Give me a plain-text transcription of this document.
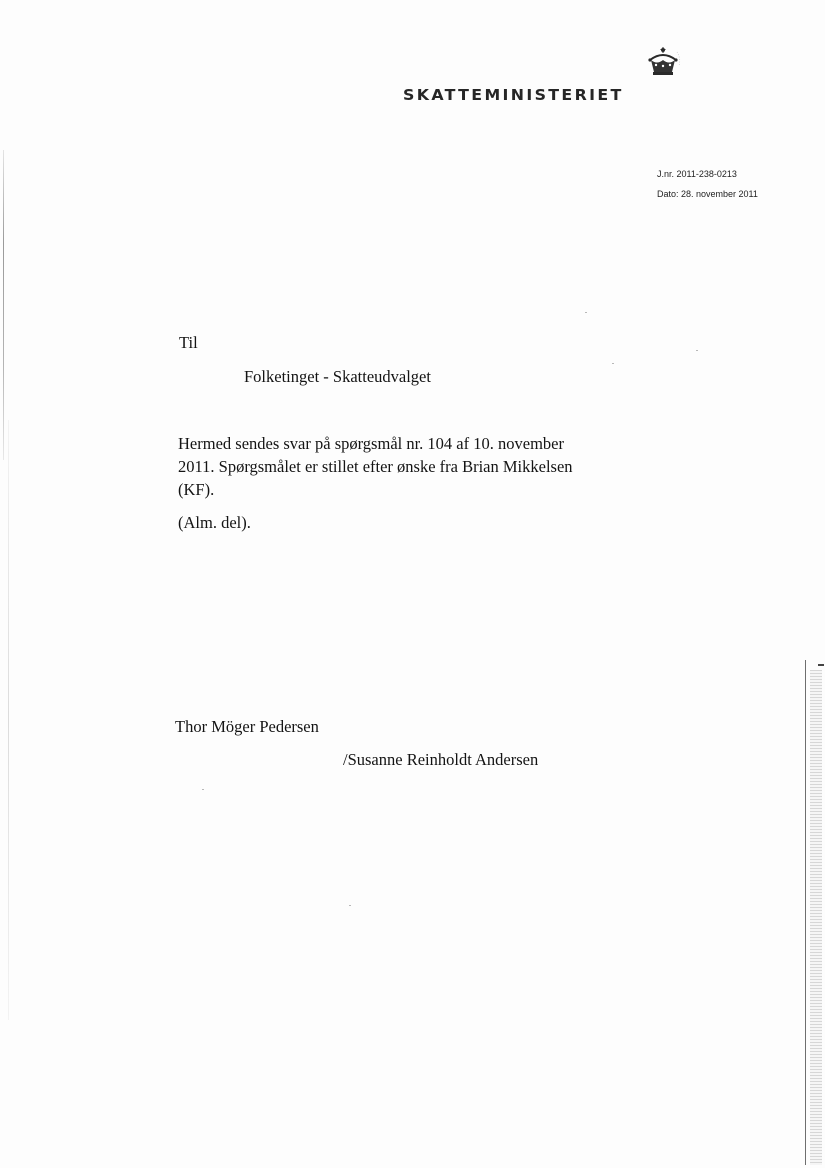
SKATTEMINISTERIET
J.nr. 2011-238-0213
Dato: 28. november 2011
Til
Folketinget - Skatteudvalget
Hermed sendes svar på spørgsmål nr. 104 af 10. november
2011. Spørgsmålet er stillet efter ønske fra Brian Mikkelsen
(KF).
(Alm. del).
Thor Möger Pedersen
/Susanne Reinholdt Andersen
